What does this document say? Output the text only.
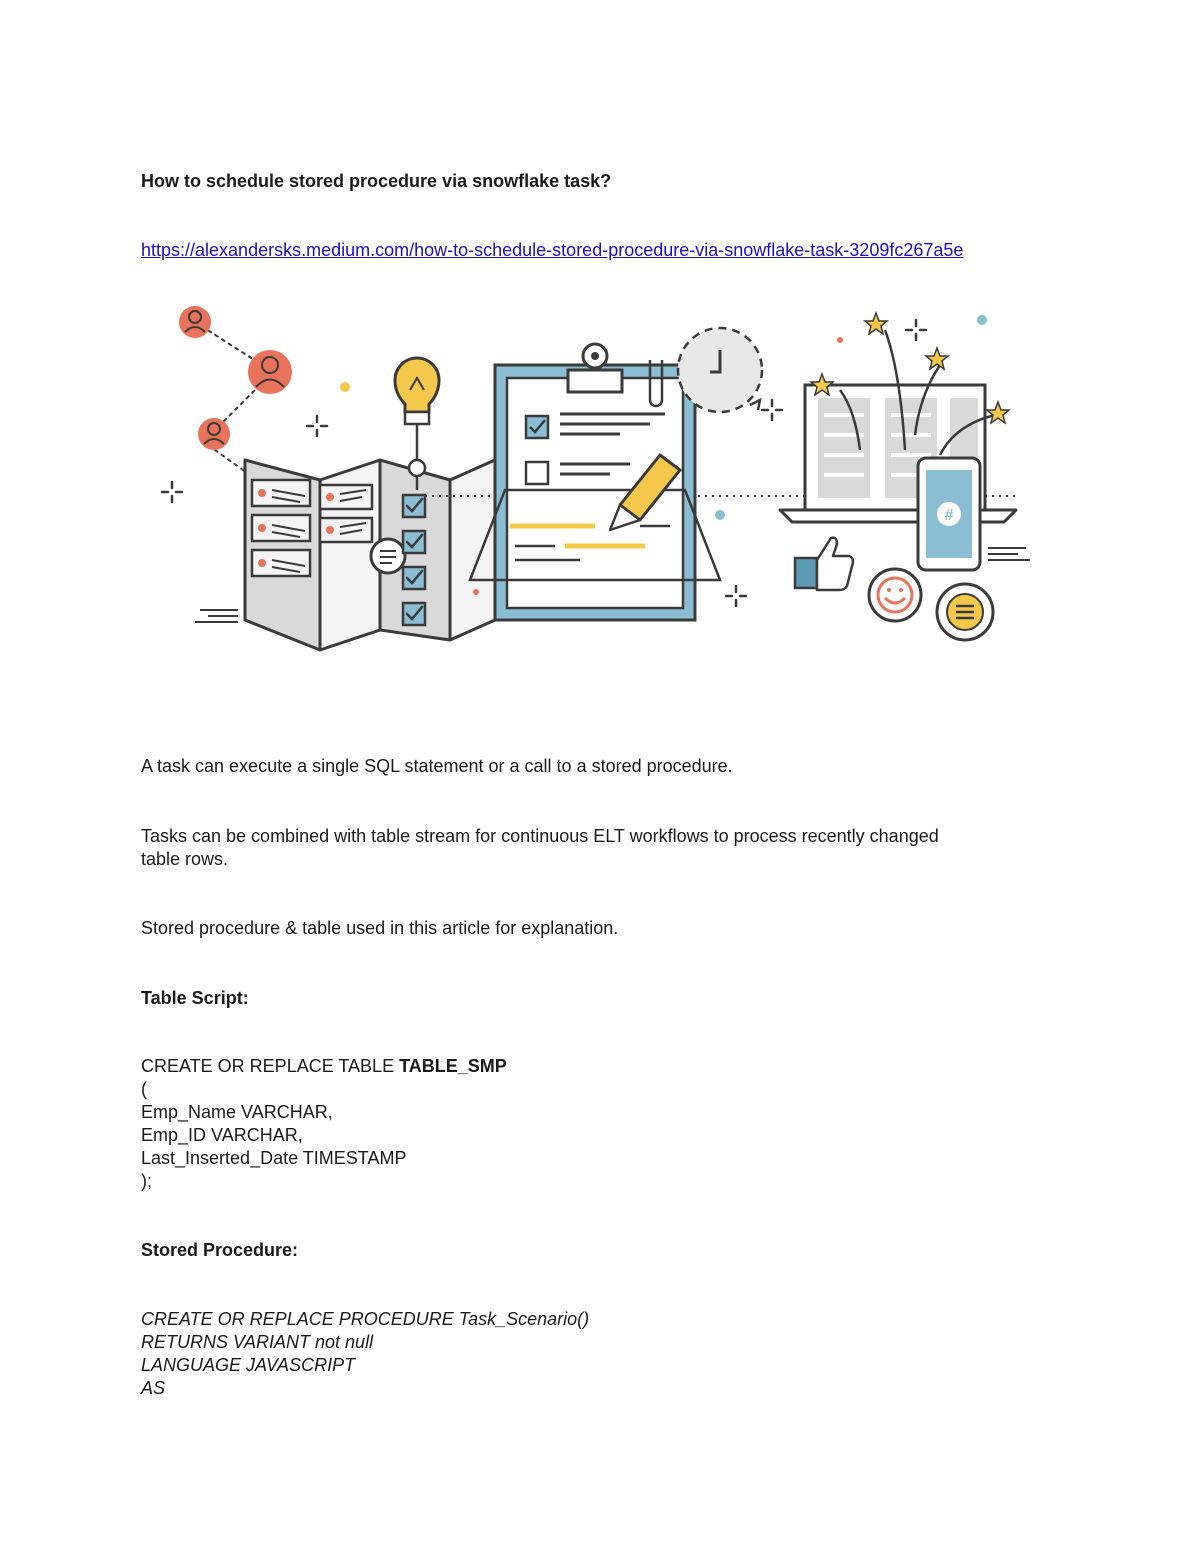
How to schedule stored procedure via snowflake task?
https://alexandersks.medium.com/how-to-schedule-stored-procedure-via-snowflake-task-3209fc267a5e
#
A task can execute a single SQL statement or a call to a stored procedure.
Tasks can be combined with table stream for continuous ELT workflows to process recently changed
table rows.
Stored procedure & table used in this article for explanation.
Table Script:
CREATE OR REPLACE TABLE TABLE_SMP
(
Emp_Name VARCHAR,
Emp_ID VARCHAR,
Last_Inserted_Date TIMESTAMP
);
Stored Procedure:
CREATE OR REPLACE PROCEDURE Task_Scenario()
RETURNS VARIANT not null
LANGUAGE JAVASCRIPT
AS
